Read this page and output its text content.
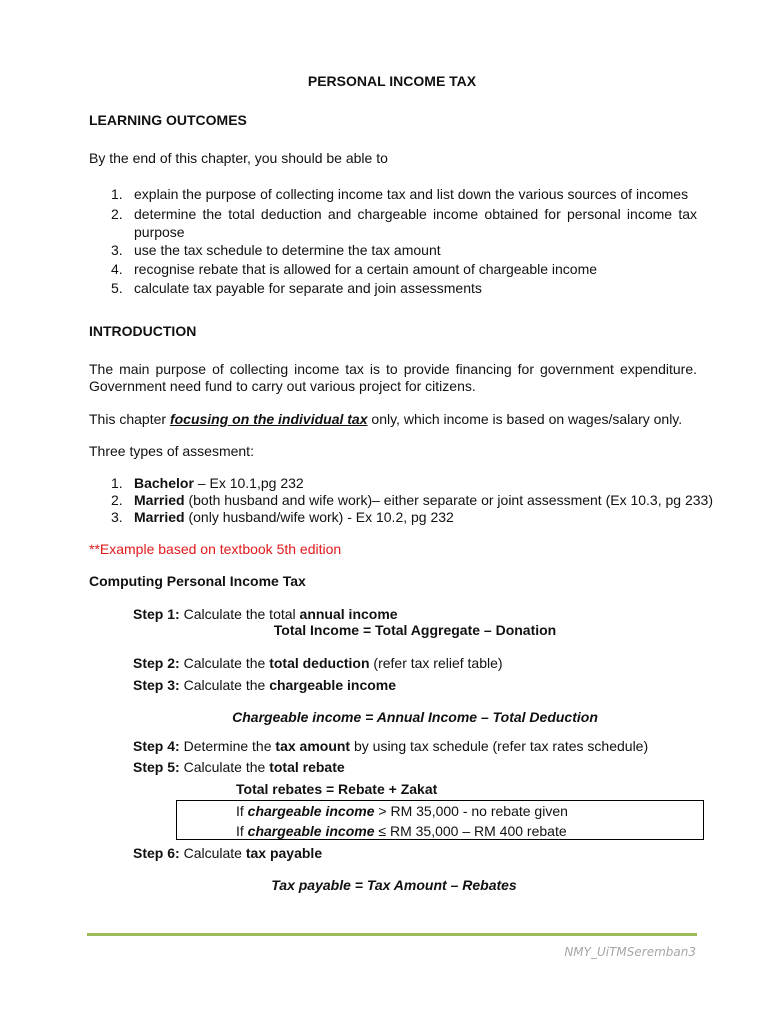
PERSONAL INCOME TAX
LEARNING OUTCOMES
By the end of this chapter, you should be able to
1. explain the purpose of collecting income tax and list down the various sources of incomes
2. determine the total deduction and chargeable income obtained for personal income tax
purpose
3. use the tax schedule to determine the tax amount
4. recognise rebate that is allowed for a certain amount of chargeable income
5. calculate tax payable for separate and join assessments
INTRODUCTION
The main purpose of collecting income tax is to provide financing for government expenditure.
Government need fund to carry out various project for citizens.
This chapter focusing on the individual tax only, which income is based on wages/salary only.
Three types of assesment:
1. Bachelor – Ex 10.1,pg 232
2. Married (both husband and wife work)– either separate or joint assessment (Ex 10.3, pg 233)
3. Married (only husband/wife work) - Ex 10.2, pg 232
**Example based on textbook 5th edition
Computing Personal Income Tax
Step 1: Calculate the total annual income
Total Income = Total Aggregate – Donation
Step 2: Calculate the total deduction (refer tax relief table)
Step 3: Calculate the chargeable income
Chargeable income = Annual Income – Total Deduction
Step 4: Determine the tax amount by using tax schedule (refer tax rates schedule)
Step 5: Calculate the total rebate
Total rebates = Rebate + Zakat
If chargeable income > RM 35,000 - no rebate given
If chargeable income ≤ RM 35,000 – RM 400 rebate
Step 6: Calculate tax payable
Tax payable = Tax Amount – Rebates
NMY_UiTMSeremban3
